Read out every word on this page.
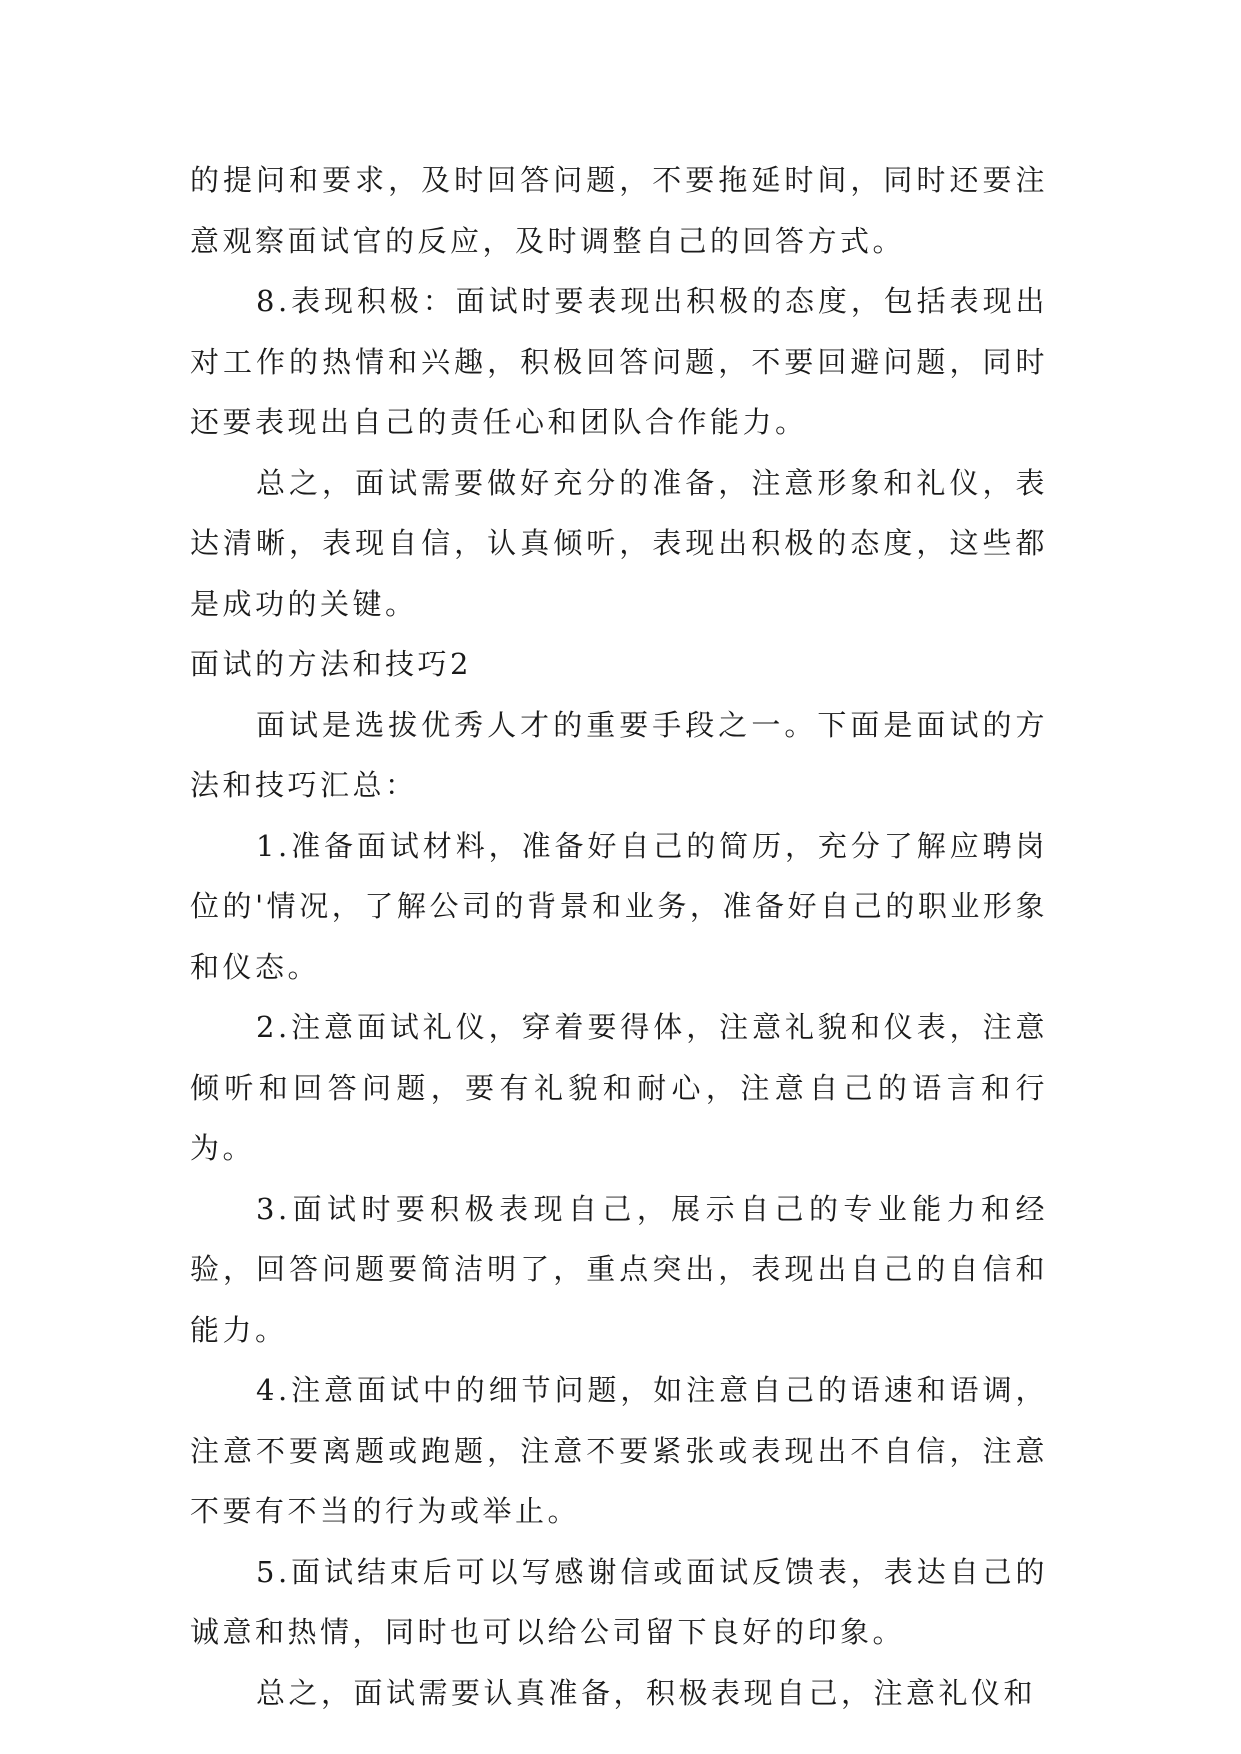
的提问和要求，及时回答问题，不要拖延时间，同时还要注意观察面试官的反应，及时调整自己的回答方式。

8.表现积极：面试时要表现出积极的态度，包括表现出对工作的热情和兴趣，积极回答问题，不要回避问题，同时还要表现出自己的责任心和团队合作能力。

总之，面试需要做好充分的准备，注意形象和礼仪，表达清晰，表现自信，认真倾听，表现出积极的态度，这些都是成功的关键。

面试的方法和技巧2

面试是选拔优秀人才的重要手段之一。下面是面试的方法和技巧汇总：

1.准备面试材料，准备好自己的简历，充分了解应聘岗位的'情况，了解公司的背景和业务，准备好自己的职业形象和仪态。

2.注意面试礼仪，穿着要得体，注意礼貌和仪表，注意倾听和回答问题，要有礼貌和耐心，注意自己的语言和行为。

3.面试时要积极表现自己，展示自己的专业能力和经验，回答问题要简洁明了，重点突出，表现出自己的自信和能力。

4.注意面试中的细节问题，如注意自己的语速和语调，注意不要离题或跑题，注意不要紧张或表现出不自信，注意不要有不当的行为或举止。

5.面试结束后可以写感谢信或面试反馈表，表达自己的诚意和热情，同时也可以给公司留下良好的印象。

总之，面试需要认真准备，积极表现自己，注意礼仪和
